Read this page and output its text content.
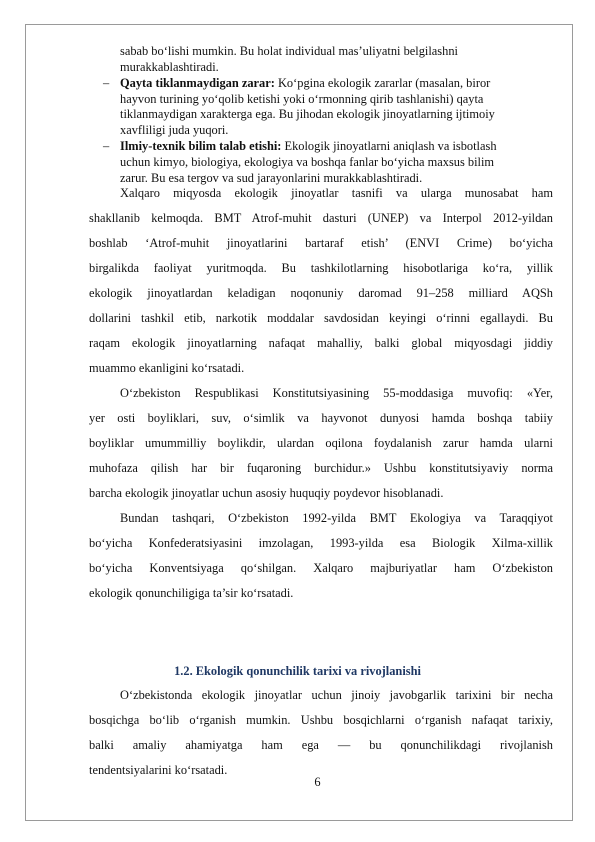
sabab bo‘lishi mumkin. Bu holat individual mas’uliyatni belgilashni
murakkablashtiradi.
– Qayta tiklanmaydigan zarar: Ko‘pgina ekologik zararlar (masalan, biror
hayvon turining yo‘qolib ketishi yoki o‘rmonning qirib tashlanishi) qayta
tiklanmaydigan xarakterga ega. Bu jihodan ekologik jinoyatlarning ijtimoiy
xavfliligi juda yuqori.
– Ilmiy-texnik bilim talab etishi: Ekologik jinoyatlarni aniqlash va isbotlash
uchun kimyo, biologiya, ekologiya va boshqa fanlar bo‘yicha maxsus bilim
zarur. Bu esa tergov va sud jarayonlarini murakkablashtiradi.
Xalqaro miqyosda ekologik jinoyatlar tasnifi va ularga munosabat ham
shakllanib kelmoqda. BMT Atrof-muhit dasturi (UNEP) va Interpol 2012-yildan
boshlab ‘Atrof-muhit jinoyatlarini bartaraf etish’ (ENVI Crime) bo‘yicha
birgalikda faoliyat yuritmoqda. Bu tashkilotlarning hisobotlariga ko‘ra, yillik
ekologik jinoyatlardan keladigan noqonuniy daromad 91–258 milliard AQSh
dollarini tashkil etib, narkotik moddalar savdosidan keyingi o‘rinni egallaydi. Bu
raqam ekologik jinoyatlarning nafaqat mahalliy, balki global miqyosdagi jiddiy
muammo ekanligini ko‘rsatadi.
O‘zbekiston Respublikasi Konstitutsiyasining 55-moddasiga muvofiq: «Yer,
yer osti boyliklari, suv, o‘simlik va hayvonot dunyosi hamda boshqa tabiiy
boyliklar umummilliy boylikdir, ulardan oqilona foydalanish zarur hamda ularni
muhofaza qilish har bir fuqaroning burchidur.» Ushbu konstitutsiyaviy norma
barcha ekologik jinoyatlar uchun asosiy huquqiy poydevor hisoblanadi.
Bundan tashqari, O‘zbekiston 1992-yilda BMT Ekologiya va Taraqqiyot
bo‘yicha Konfederatsiyasini imzolagan, 1993-yilda esa Biologik Xilma-xillik
bo‘yicha Konventsiyaga qo‘shilgan. Xalqaro majburiyatlar ham O‘zbekiston
ekologik qonunchiligiga ta’sir ko‘rsatadi.
1.2. Ekologik qonunchilik tarixi va rivojlanishi
O‘zbekistonda ekologik jinoyatlar uchun jinoiy javobgarlik tarixini bir necha
bosqichga bo‘lib o‘rganish mumkin. Ushbu bosqichlarni o‘rganish nafaqat tarixiy,
balki amaliy ahamiyatga ham ega — bu qonunchilikdagi rivojlanish
tendentsiyalarini ko‘rsatadi.
6
